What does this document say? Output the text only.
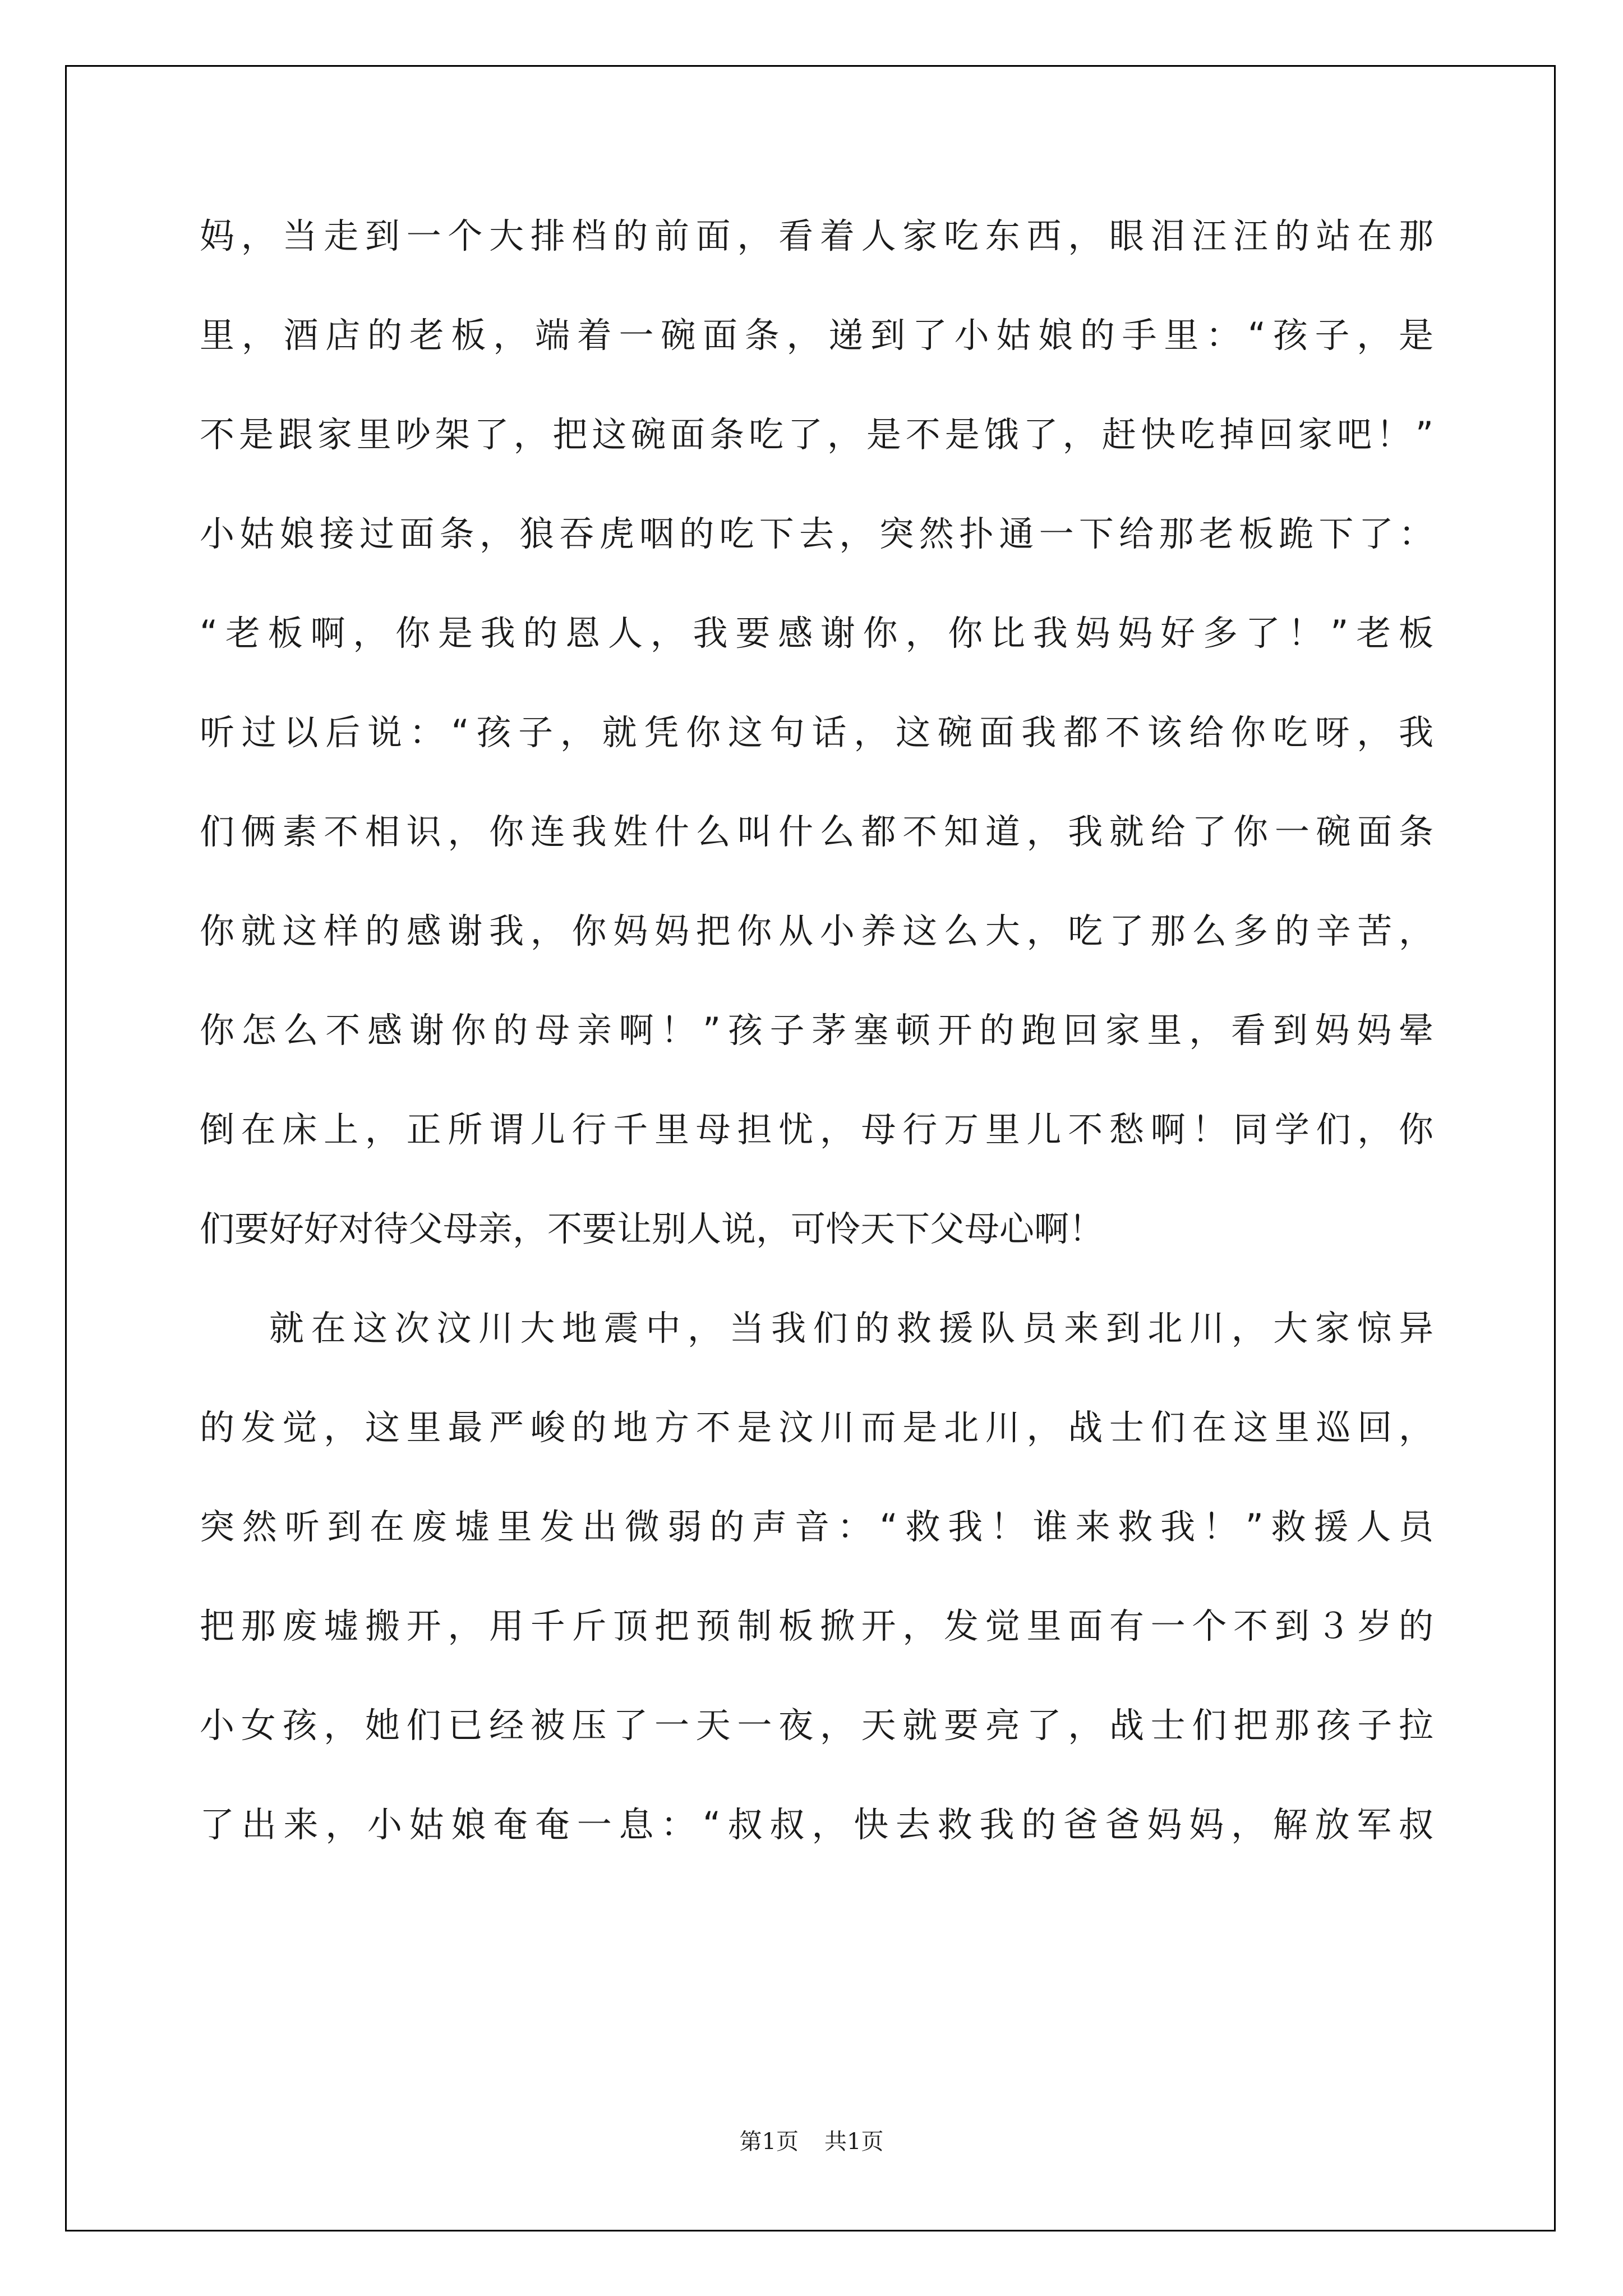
妈，当走到一个大排档的前面，看着人家吃东西，眼泪汪汪的站在那
里，酒店的老板，端着一碗面条，递到了小姑娘的手里：“孩子，是
不是跟家里吵架了，把这碗面条吃了，是不是饿了，赶快吃掉回家吧！”
小姑娘接过面条，狼吞虎咽的吃下去，突然扑通一下给那老板跪下了：
“老板啊，你是我的恩人，我要感谢你，你比我妈妈好多了！”老板
听过以后说：“孩子，就凭你这句话，这碗面我都不该给你吃呀，我
们俩素不相识，你连我姓什么叫什么都不知道，我就给了你一碗面条
你就这样的感谢我，你妈妈把你从小养这么大，吃了那么多的辛苦，
你怎么不感谢你的母亲啊！”孩子茅塞顿开的跑回家里，看到妈妈晕
倒在床上，正所谓儿行千里母担忧，母行万里儿不愁啊！同学们，你
们要好好对待父母亲，不要让别人说，可怜天下父母心啊！
就在这次汶川大地震中，当我们的救援队员来到北川，大家惊异
的发觉，这里最严峻的地方不是汶川而是北川，战士们在这里巡回，
突然听到在废墟里发出微弱的声音：“救我！谁来救我！”救援人员
把那废墟搬开，用千斤顶把预制板掀开，发觉里面有一个不到３岁的
小女孩，她们已经被压了一天一夜，天就要亮了，战士们把那孩子拉
了出来，小姑娘奄奄一息：“叔叔，快去救我的爸爸妈妈，解放军叔
第1页 共1页
